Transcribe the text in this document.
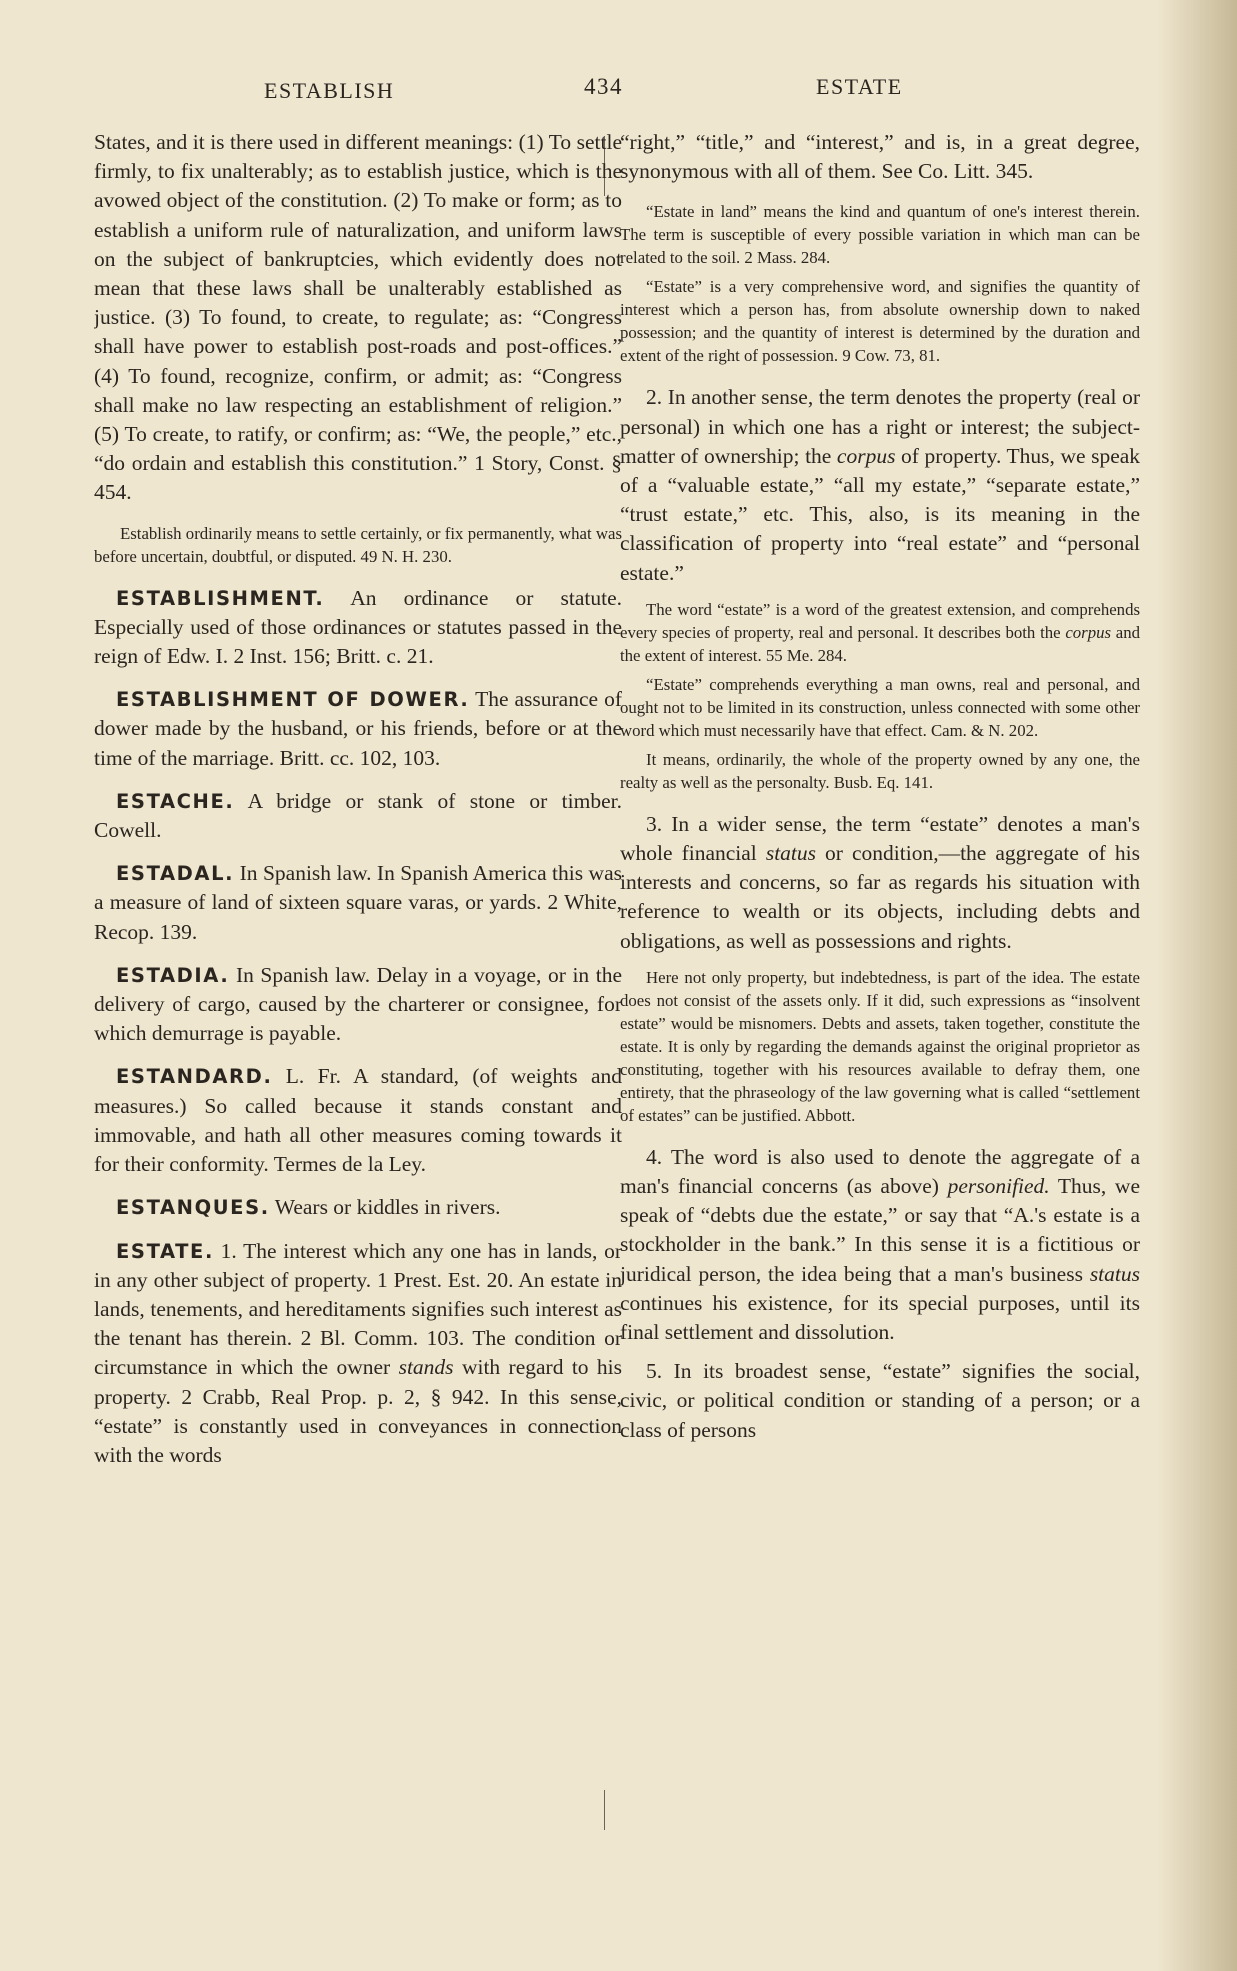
ESTABLISH	434	ESTATE

States, and it is there used in different meanings: (1) To settle firmly, to fix unalterably; as to establish justice, which is the avowed object of the constitution. (2) To make or form; as to establish a uniform rule of naturalization, and uniform laws on the subject of bankruptcies, which evidently does not mean that these laws shall be unalterably established as justice. (3) To found, to create, to regulate; as: “Congress shall have power to establish post-roads and post-offices.” (4) To found, recognize, confirm, or admit; as: “Congress shall make no law respecting an establishment of religion.” (5) To create, to ratify, or confirm; as: “We, the people,” etc., “do ordain and establish this constitution.” 1 Story, Const. § 454.

Establish ordinarily means to settle certainly, or fix permanently, what was before uncertain, doubtful, or disputed. 49 N. H. 230.

ESTABLISHMENT. An ordinance or statute. Especially used of those ordinances or statutes passed in the reign of Edw. I. 2 Inst. 156; Britt. c. 21.

ESTABLISHMENT OF DOWER. The assurance of dower made by the husband, or his friends, before or at the time of the marriage. Britt. cc. 102, 103.

ESTACHE. A bridge or stank of stone or timber. Cowell.

ESTADAL. In Spanish law. In Spanish America this was a measure of land of sixteen square varas, or yards. 2 White, Recop. 139.

ESTADIA. In Spanish law. Delay in a voyage, or in the delivery of cargo, caused by the charterer or consignee, for which demurrage is payable.

ESTANDARD. L. Fr. A standard, (of weights and measures.) So called because it stands constant and immovable, and hath all other measures coming towards it for their conformity. Termes de la Ley.

ESTANQUES. Wears or kiddles in rivers.

ESTATE. 1. The interest which any one has in lands, or in any other subject of property. 1 Prest. Est. 20. An estate in lands, tenements, and hereditaments signifies such interest as the tenant has therein. 2 Bl. Comm. 103. The condition or circumstance in which the owner stands with regard to his property. 2 Crabb, Real Prop. p. 2, § 942. In this sense, “estate” is constantly used in conveyances in connection with the words

“right,” “title,” and “interest,” and is, in a great degree, synonymous with all of them. See Co. Litt. 345.

“Estate in land” means the kind and quantum of one's interest therein. The term is susceptible of every possible variation in which man can be related to the soil. 2 Mass. 284.

“Estate” is a very comprehensive word, and signifies the quantity of interest which a person has, from absolute ownership down to naked possession; and the quantity of interest is determined by the duration and extent of the right of possession. 9 Cow. 73, 81.

2. In another sense, the term denotes the property (real or personal) in which one has a right or interest; the subject-matter of ownership; the corpus of property. Thus, we speak of a “valuable estate,” “all my estate,” “separate estate,” “trust estate,” etc. This, also, is its meaning in the classification of property into “real estate” and “personal estate.”

The word “estate” is a word of the greatest extension, and comprehends every species of property, real and personal. It describes both the corpus and the extent of interest. 55 Me. 284.

“Estate” comprehends everything a man owns, real and personal, and ought not to be limited in its construction, unless connected with some other word which must necessarily have that effect. Cam. & N. 202.

It means, ordinarily, the whole of the property owned by any one, the realty as well as the personalty. Busb. Eq. 141.

3. In a wider sense, the term “estate” denotes a man's whole financial status or condition,—the aggregate of his interests and concerns, so far as regards his situation with reference to wealth or its objects, including debts and obligations, as well as possessions and rights.

Here not only property, but indebtedness, is part of the idea. The estate does not consist of the assets only. If it did, such expressions as “insolvent estate” would be misnomers. Debts and assets, taken together, constitute the estate. It is only by regarding the demands against the original proprietor as constituting, together with his resources available to defray them, one entirety, that the phraseology of the law governing what is called “settlement of estates” can be justified. Abbott.

4. The word is also used to denote the aggregate of a man's financial concerns (as above) personified. Thus, we speak of “debts due the estate,” or say that “A.'s estate is a stockholder in the bank.” In this sense it is a fictitious or juridical person, the idea being that a man's business status continues his existence, for its special purposes, until its final settlement and dissolution.

5. In its broadest sense, “estate” signifies the social, civic, or political condition or standing of a person; or a class of persons
